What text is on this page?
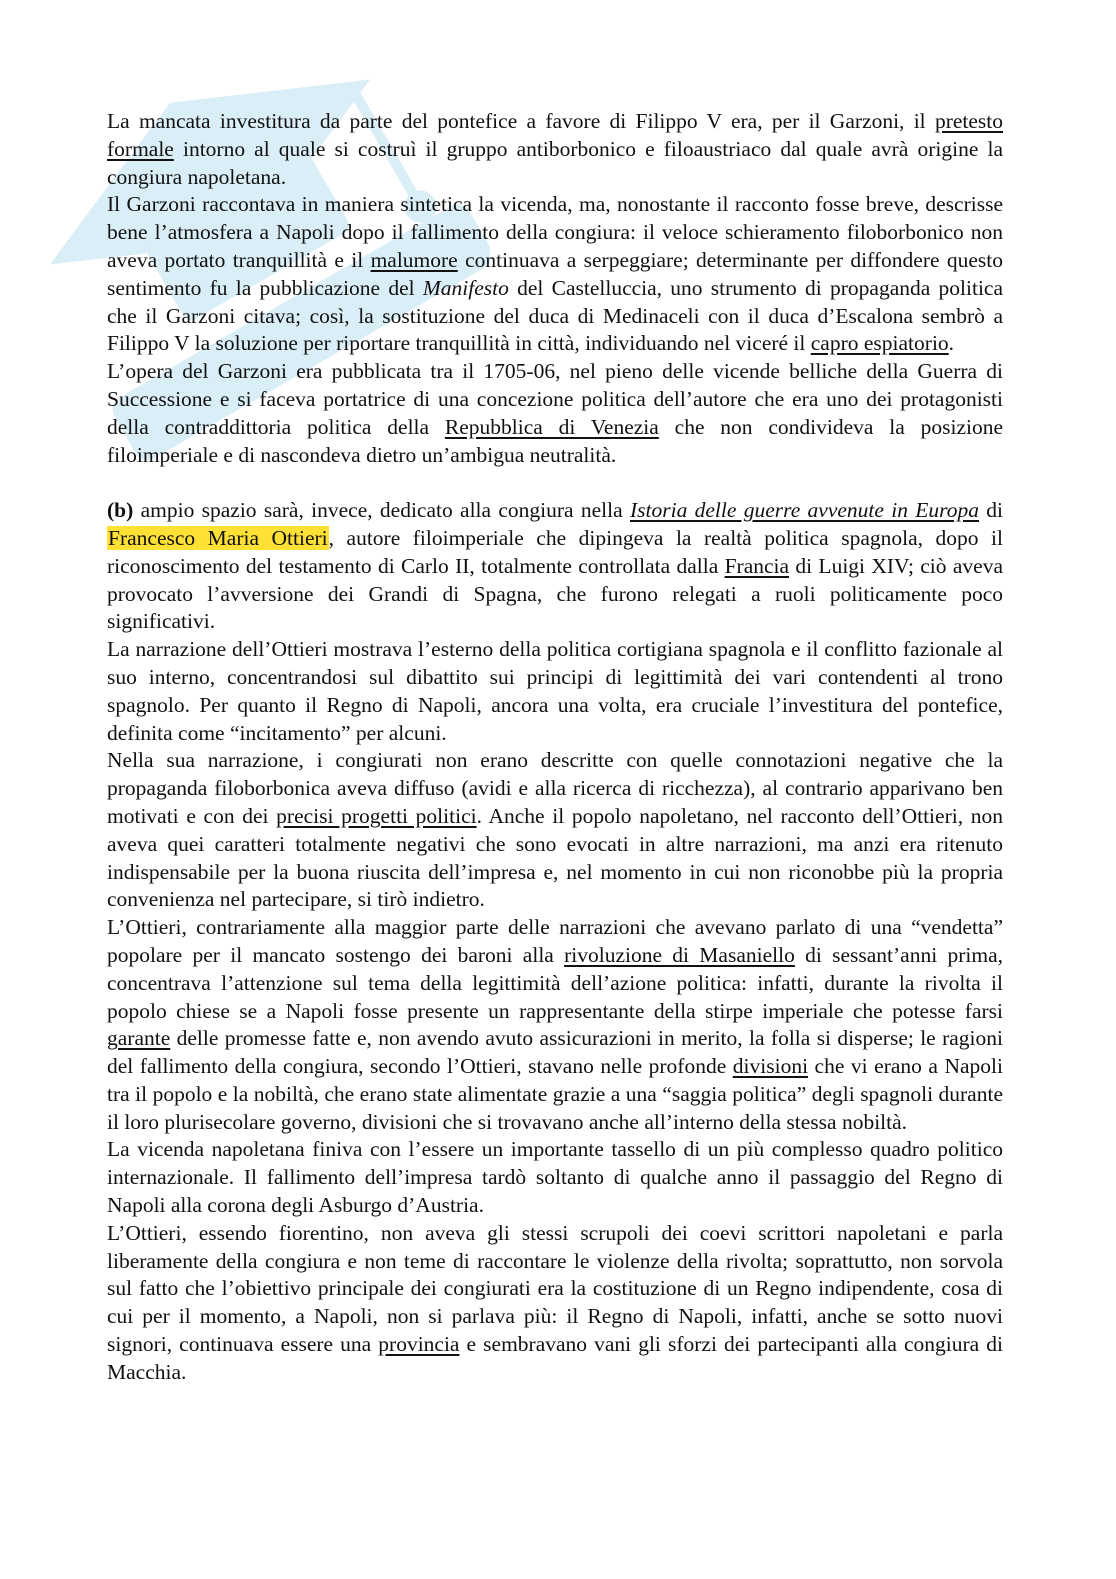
La mancata investitura da parte del pontefice a favore di Filippo V era, per il Garzoni, il pretesto formale intorno al quale si costruì il gruppo antiborbonico e filoaustriaco dal quale avrà origine la congiura napoletana.

Il Garzoni raccontava in maniera sintetica la vicenda, ma, nonostante il racconto fosse breve, descrisse bene l’atmosfera a Napoli dopo il fallimento della congiura: il veloce schieramento filoborbonico non aveva portato tranquillità e il malumore continuava a serpeggiare; determinante per diffondere questo sentimento fu la pubblicazione del Manifesto del Castelluccia, uno strumento di propaganda politica che il Garzoni citava; così, la sostituzione del duca di Medinaceli con il duca d’Escalona sembrò a Filippo V la soluzione per riportare tranquillità in città, individuando nel viceré il capro espiatorio.

L’opera del Garzoni era pubblicata tra il 1705-06, nel pieno delle vicende belliche della Guerra di Successione e si faceva portatrice di una concezione politica dell’autore che era uno dei protagonisti della contraddittoria politica della Repubblica di Venezia che non condivideva la posizione filoimperiale e di nascondeva dietro un’ambigua neutralità.

(b) ampio spazio sarà, invece, dedicato alla congiura nella Istoria delle guerre avvenute in Europa di Francesco Maria Ottieri, autore filoimperiale che dipingeva la realtà politica spagnola, dopo il riconoscimento del testamento di Carlo II, totalmente controllata dalla Francia di Luigi XIV; ciò aveva provocato l’avversione dei Grandi di Spagna, che furono relegati a ruoli politicamente poco significativi.

La narrazione dell’Ottieri mostrava l’esterno della politica cortigiana spagnola e il conflitto fazionale al suo interno, concentrandosi sul dibattito sui principi di legittimità dei vari contendenti al trono spagnolo. Per quanto il Regno di Napoli, ancora una volta, era cruciale l’investitura del pontefice, definita come “incitamento” per alcuni.

Nella sua narrazione, i congiurati non erano descritte con quelle connotazioni negative che la propaganda filoborbonica aveva diffuso (avidi e alla ricerca di ricchezza), al contrario apparivano ben motivati e con dei precisi progetti politici. Anche il popolo napoletano, nel racconto dell’Ottieri, non aveva quei caratteri totalmente negativi che sono evocati in altre narrazioni, ma anzi era ritenuto indispensabile per la buona riuscita dell’impresa e, nel momento in cui non riconobbe più la propria convenienza nel partecipare, si tirò indietro.

L’Ottieri, contrariamente alla maggior parte delle narrazioni che avevano parlato di una “vendetta” popolare per il mancato sostengo dei baroni alla rivoluzione di Masaniello di sessant’anni prima, concentrava l’attenzione sul tema della legittimità dell’azione politica: infatti, durante la rivolta il popolo chiese se a Napoli fosse presente un rappresentante della stirpe imperiale che potesse farsi garante delle promesse fatte e, non avendo avuto assicurazioni in merito, la folla si disperse; le ragioni del fallimento della congiura, secondo l’Ottieri, stavano nelle profonde divisioni che vi erano a Napoli tra il popolo e la nobiltà, che erano state alimentate grazie a una “saggia politica” degli spagnoli durante il loro plurisecolare governo, divisioni che si trovavano anche all’interno della stessa nobiltà.

La vicenda napoletana finiva con l’essere un importante tassello di un più complesso quadro politico internazionale. Il fallimento dell’impresa tardò soltanto di qualche anno il passaggio del Regno di Napoli alla corona degli Asburgo d’Austria.

L’Ottieri, essendo fiorentino, non aveva gli stessi scrupoli dei coevi scrittori napoletani e parla liberamente della congiura e non teme di raccontare le violenze della rivolta; soprattutto, non sorvola sul fatto che l’obiettivo principale dei congiurati era la costituzione di un Regno indipendente, cosa di cui per il momento, a Napoli, non si parlava più: il Regno di Napoli, infatti, anche se sotto nuovi signori, continuava essere una provincia e sembravano vani gli sforzi dei partecipanti alla congiura di Macchia.
